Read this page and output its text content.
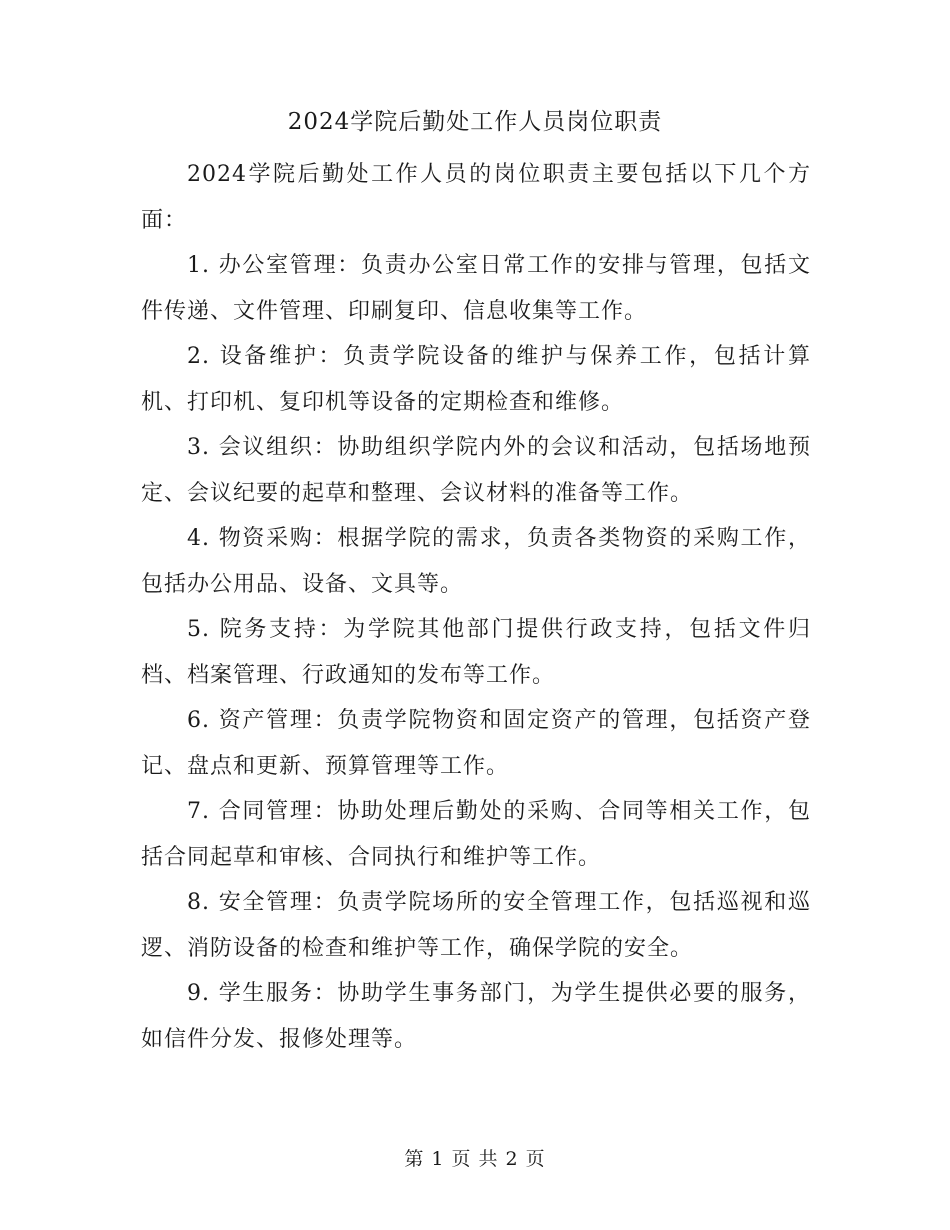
2024学院后勤处工作人员岗位职责

2024学院后勤处工作人员的岗位职责主要包括以下几个方面：

1. 办公室管理：负责办公室日常工作的安排与管理，包括文件传递、文件管理、印刷复印、信息收集等工作。

2. 设备维护：负责学院设备的维护与保养工作，包括计算机、打印机、复印机等设备的定期检查和维修。

3. 会议组织：协助组织学院内外的会议和活动，包括场地预定、会议纪要的起草和整理、会议材料的准备等工作。

4. 物资采购：根据学院的需求，负责各类物资的采购工作，包括办公用品、设备、文具等。

5. 院务支持：为学院其他部门提供行政支持，包括文件归档、档案管理、行政通知的发布等工作。

6. 资产管理：负责学院物资和固定资产的管理，包括资产登记、盘点和更新、预算管理等工作。

7. 合同管理：协助处理后勤处的采购、合同等相关工作，包括合同起草和审核、合同执行和维护等工作。

8. 安全管理：负责学院场所的安全管理工作，包括巡视和巡逻、消防设备的检查和维护等工作，确保学院的安全。

9. 学生服务：协助学生事务部门，为学生提供必要的服务，如信件分发、报修处理等。

第 1 页 共 2 页
